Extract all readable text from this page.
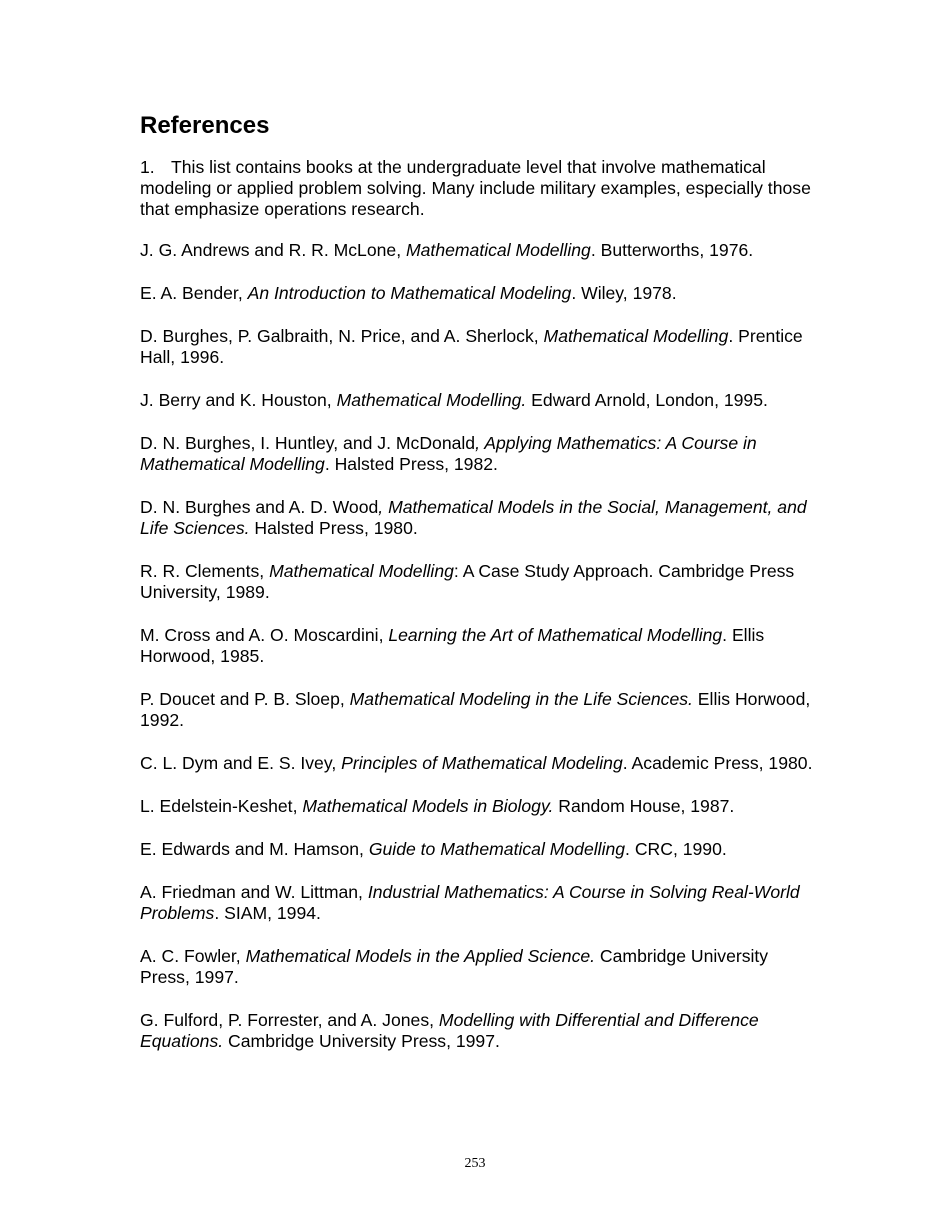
References

1. This list contains books at the undergraduate level that involve mathematical modeling or applied problem solving. Many include military examples, especially those that emphasize operations research.

J. G. Andrews and R. R. McLone, Mathematical Modelling. Butterworths, 1976.
E. A. Bender, An Introduction to Mathematical Modeling. Wiley, 1978.
D. Burghes, P. Galbraith, N. Price, and A. Sherlock, Mathematical Modelling. Prentice Hall, 1996.
J. Berry and K. Houston, Mathematical Modelling. Edward Arnold, London, 1995.
D. N. Burghes, I. Huntley, and J. McDonald, Applying Mathematics: A Course in Mathematical Modelling. Halsted Press, 1982.
D. N. Burghes and A. D. Wood, Mathematical Models in the Social, Management, and Life Sciences. Halsted Press, 1980.
R. R. Clements, Mathematical Modelling: A Case Study Approach. Cambridge Press University, 1989.
M. Cross and A. O. Moscardini, Learning the Art of Mathematical Modelling. Ellis Horwood, 1985.
P. Doucet and P. B. Sloep, Mathematical Modeling in the Life Sciences. Ellis Horwood, 1992.
C. L. Dym and E. S. Ivey, Principles of Mathematical Modeling. Academic Press, 1980.
L. Edelstein-Keshet, Mathematical Models in Biology. Random House, 1987.
E. Edwards and M. Hamson, Guide to Mathematical Modelling. CRC, 1990.
A. Friedman and W. Littman, Industrial Mathematics: A Course in Solving Real-World Problems. SIAM, 1994.
A. C. Fowler, Mathematical Models in the Applied Science. Cambridge University Press, 1997.
G. Fulford, P. Forrester, and A. Jones, Modelling with Differential and Difference Equations. Cambridge University Press, 1997.
253
